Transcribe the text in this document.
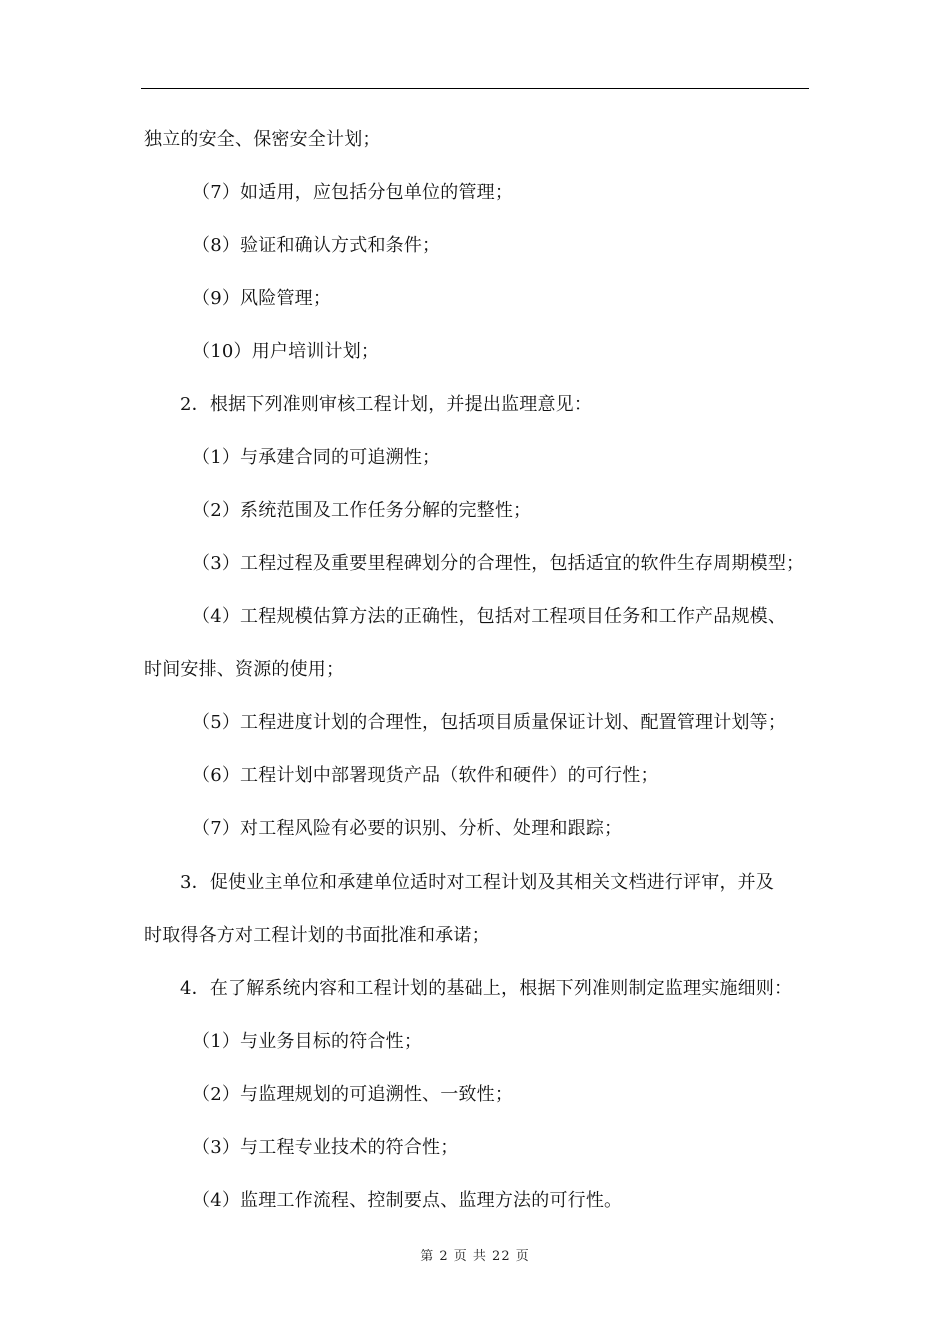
独立的安全、保密安全计划；
（7）如适用，应包括分包单位的管理；
（8）验证和确认方式和条件；
（9）风险管理；
（10）用户培训计划；
2．根据下列准则审核工程计划，并提出监理意见：
（1）与承建合同的可追溯性；
（2）系统范围及工作任务分解的完整性；
（3）工程过程及重要里程碑划分的合理性，包括适宜的软件生存周期模型；
（4）工程规模估算方法的正确性，包括对工程项目任务和工作产品规模、
时间安排、资源的使用；
（5）工程进度计划的合理性，包括项目质量保证计划、配置管理计划等；
（6）工程计划中部署现货产品（软件和硬件）的可行性；
（7）对工程风险有必要的识别、分析、处理和跟踪；
3．促使业主单位和承建单位适时对工程计划及其相关文档进行评审，并及
时取得各方对工程计划的书面批准和承诺；
4．在了解系统内容和工程计划的基础上，根据下列准则制定监理实施细则：
（1）与业务目标的符合性；
（2）与监理规划的可追溯性、一致性；
（3）与工程专业技术的符合性；
（4）监理工作流程、控制要点、监理方法的可行性。
第 2 页 共 22 页
